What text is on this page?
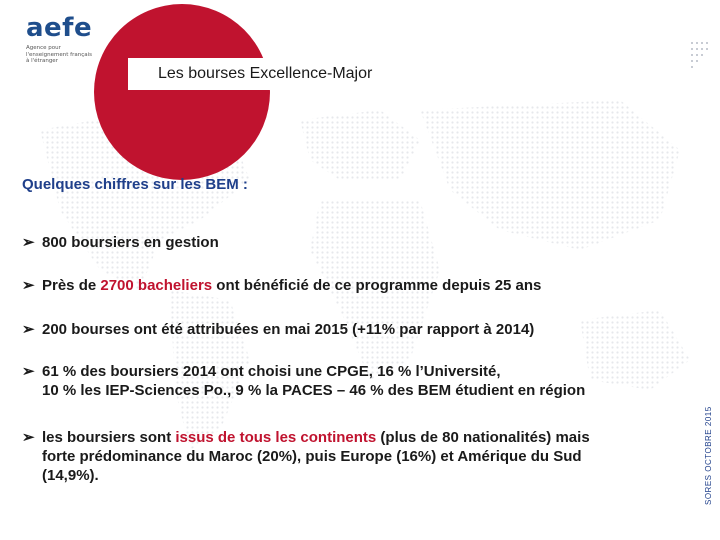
Les bourses Excellence-Major
aefe
Agence pour l'enseignement français à l'étranger
Quelques chiffres sur les BEM :
➢ 800 boursiers en gestion
➢ Près de 2700 bacheliers ont bénéficié de ce programme depuis 25 ans
➢ 200 bourses ont été attribuées en mai 2015 (+11% par rapport à 2014)
➢ 61 % des boursiers 2014 ont choisi une CPGE, 16 % l’Université,
10 % les IEP-Sciences Po., 9 % la PACES – 46 % des BEM étudient en région
➢ les boursiers sont issus de tous les continents (plus de 80 nationalités) mais
forte prédominance du Maroc (20%), puis Europe (16%) et Amérique du Sud
(14,9%).	SORES OCTOBRE 2015
